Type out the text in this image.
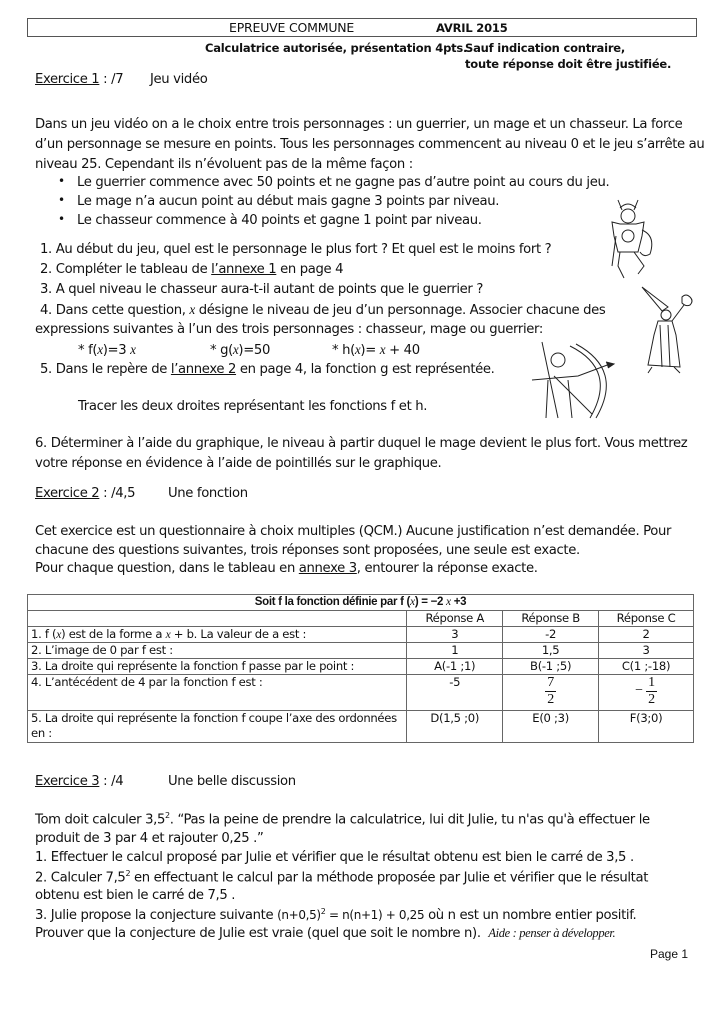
EPREUVE COMMUNE	AVRIL 2015
Calculatrice autorisée, présentation 4pts.
Sauf indication contraire,
toute réponse doit être justifiée.
Exercice 1 : /7 Jeu vidéo
Dans un jeu vidéo on a le choix entre trois personnages : un guerrier, un mage et un chasseur. La force
d’un personnage se mesure en points. Tous les personnages commencent au niveau 0 et le jeu s’arrête au
niveau 25. Cependant ils n’évoluent pas de la même façon :
• Le guerrier commence avec 50 points et ne gagne pas d’autre point au cours du jeu.
• Le mage n’a aucun point au début mais gagne 3 points par niveau.
• Le chasseur commence à 40 points et gagne 1 point par niveau.
1. Au début du jeu, quel est le personnage le plus fort ? Et quel est le moins fort ?
2. Compléter le tableau de l’annexe 1 en page 4
3. A quel niveau le chasseur aura-t-il autant de points que le guerrier ?
4. Dans cette question, x désigne le niveau de jeu d’un personnage. Associer chacune des
expressions suivantes à l’un des trois personnages : chasseur, mage ou guerrier:
* f(x)=3 x	* g(x)=50	* h(x)= x + 40
5. Dans le repère de l’annexe 2 en page 4, la fonction g est représentée.
Tracer les deux droites représentant les fonctions f et h.
6. Déterminer à l’aide du graphique, le niveau à partir duquel le mage devient le plus fort. Vous mettrez
votre réponse en évidence à l’aide de pointillés sur le graphique.
Exercice 2 : /4,5 Une fonction
Cet exercice est un questionnaire à choix multiples (QCM.) Aucune justification n’est demandée. Pour
chacune des questions suivantes, trois réponses sont proposées, une seule est exacte.
Pour chaque question, dans le tableau en annexe 3, entourer la réponse exacte.
Soit f la fonction définie par f (x) = −2 x +3			
	Réponse A	Réponse B	Réponse C
1. f (x) est de la forme a x + b. La valeur de a est :	3	-2	2
2. L’image de 0 par f est :	1	1,5	3
3. La droite qui représente la fonction f passe par le point :	A(-1 ;1)	B(-1 ;5)	C(1 ;-18)
4. L’antécédent de 4 par la fonction f est :	-5	$\frac{7}{2}$	− $\frac{1}{2}$

5. La droite qui représente la fonction f coupe l’axe des ordonnées
en :	D(1,5 ;0)	E(0 ;3)	F(3;0)
Exercice 3 : /4	Une belle discussion
Tom doit calculer $3,5^2$. “Pas la peine de prendre la calculatrice, lui dit Julie, tu n'as qu'à effectuer le
produit de 3 par 4 et rajouter 0,25 .”
1. Effectuer le calcul proposé par Julie et vérifier que le résultat obtenu est bien le carré de 3,5 .
2. Calculer $7,5^2$ en effectuant le calcul par la méthode proposée par Julie et vérifier que le résultat
obtenu est bien le carré de 7,5 .
3. Julie propose la conjecture suivante $(n+0,5)^2 = n(n+1) + 0,25$ où n est un nombre entier positif.
Prouver que la conjecture de Julie est vraie (quel que soit le nombre n). Aide : penser à développer.
Page 1
